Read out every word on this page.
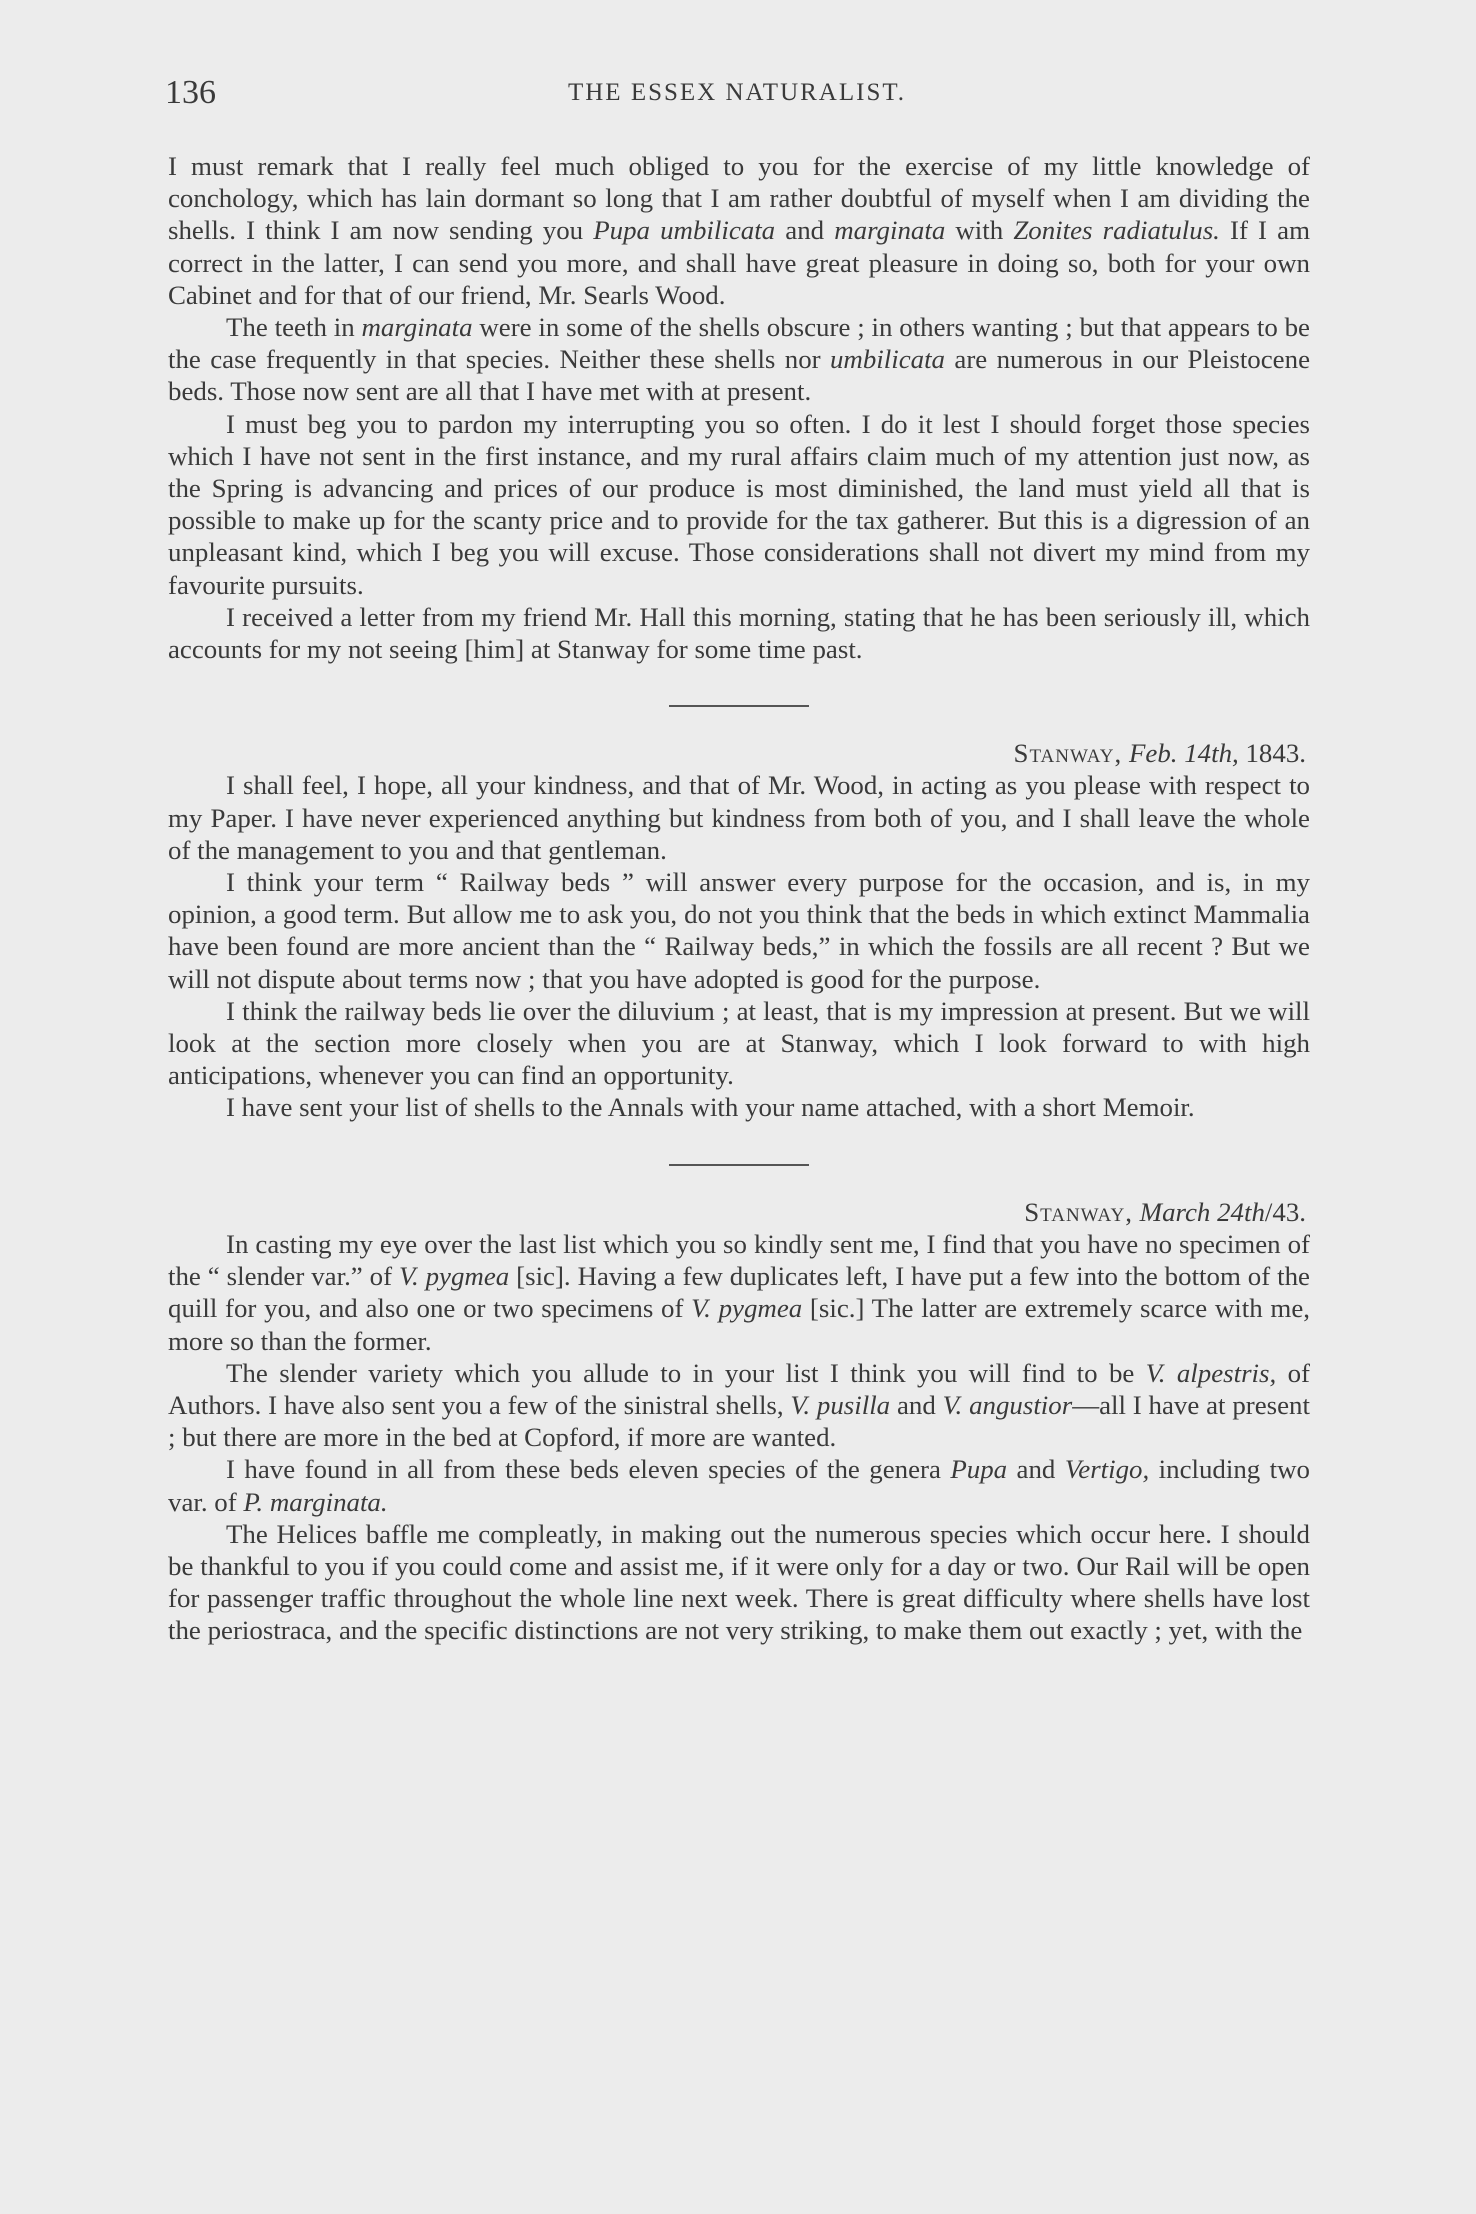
136	THE ESSEX NATURALIST.

I must remark that I really feel much obliged to you for the exercise of my little knowledge of conchology, which has lain dormant so long that I am rather doubtful of myself when I am dividing the shells. I think I am now sending you Pupa umbilicata and marginata with Zonites radiatulus. If I am correct in the latter, I can send you more, and shall have great pleasure in doing so, both for your own Cabinet and for that of our friend, Mr. Searls Wood.

The teeth in marginata were in some of the shells obscure ; in others wanting ; but that appears to be the case frequently in that species. Neither these shells nor umbilicata are numerous in our Pleistocene beds. Those now sent are all that I have met with at present.

I must beg you to pardon my interrupting you so often. I do it lest I should forget those species which I have not sent in the first instance, and my rural affairs claim much of my attention just now, as the Spring is advancing and prices of our produce is most diminished, the land must yield all that is possible to make up for the scanty price and to provide for the tax gatherer. But this is a digression of an unpleasant kind, which I beg you will excuse. Those considerations shall not divert my mind from my favourite pursuits.

I received a letter from my friend Mr. Hall this morning, stating that he has been seriously ill, which accounts for my not seeing [him] at Stanway for some time past.

Stanway, Feb. 14th, 1843.

I shall feel, I hope, all your kindness, and that of Mr. Wood, in acting as you please with respect to my Paper. I have never experienced anything but kindness from both of you, and I shall leave the whole of the management to you and that gentleman.

I think your term “ Railway beds ” will answer every purpose for the occasion, and is, in my opinion, a good term. But allow me to ask you, do not you think that the beds in which extinct Mammalia have been found are more ancient than the “ Railway beds,” in which the fossils are all recent ? But we will not dispute about terms now ; that you have adopted is good for the purpose.

I think the railway beds lie over the diluvium ; at least, that is my impression at present. But we will look at the section more closely when you are at Stanway, which I look forward to with high anticipations, whenever you can find an opportunity.

I have sent your list of shells to the Annals with your name attached, with a short Memoir.

Stanway, March 24th/43.

In casting my eye over the last list which you so kindly sent me, I find that you have no specimen of the “ slender var.” of V. pygmea [sic]. Having a few duplicates left, I have put a few into the bottom of the quill for you, and also one or two specimens of V. pygmea [sic.] The latter are extremely scarce with me, more so than the former.

The slender variety which you allude to in your list I think you will find to be V. alpestris, of Authors. I have also sent you a few of the sinistral shells, V. pusilla and V. angustior—all I have at present ; but there are more in the bed at Copford, if more are wanted.

I have found in all from these beds eleven species of the genera Pupa and Vertigo, including two var. of P. marginata.

The Helices baffle me compleatly, in making out the numerous species which occur here. I should be thankful to you if you could come and assist me, if it were only for a day or two. Our Rail will be open for passenger traffic throughout the whole line next week. There is great difficulty where shells have lost the periostraca, and the specific distinctions are not very striking, to make them out exactly ; yet, with the
